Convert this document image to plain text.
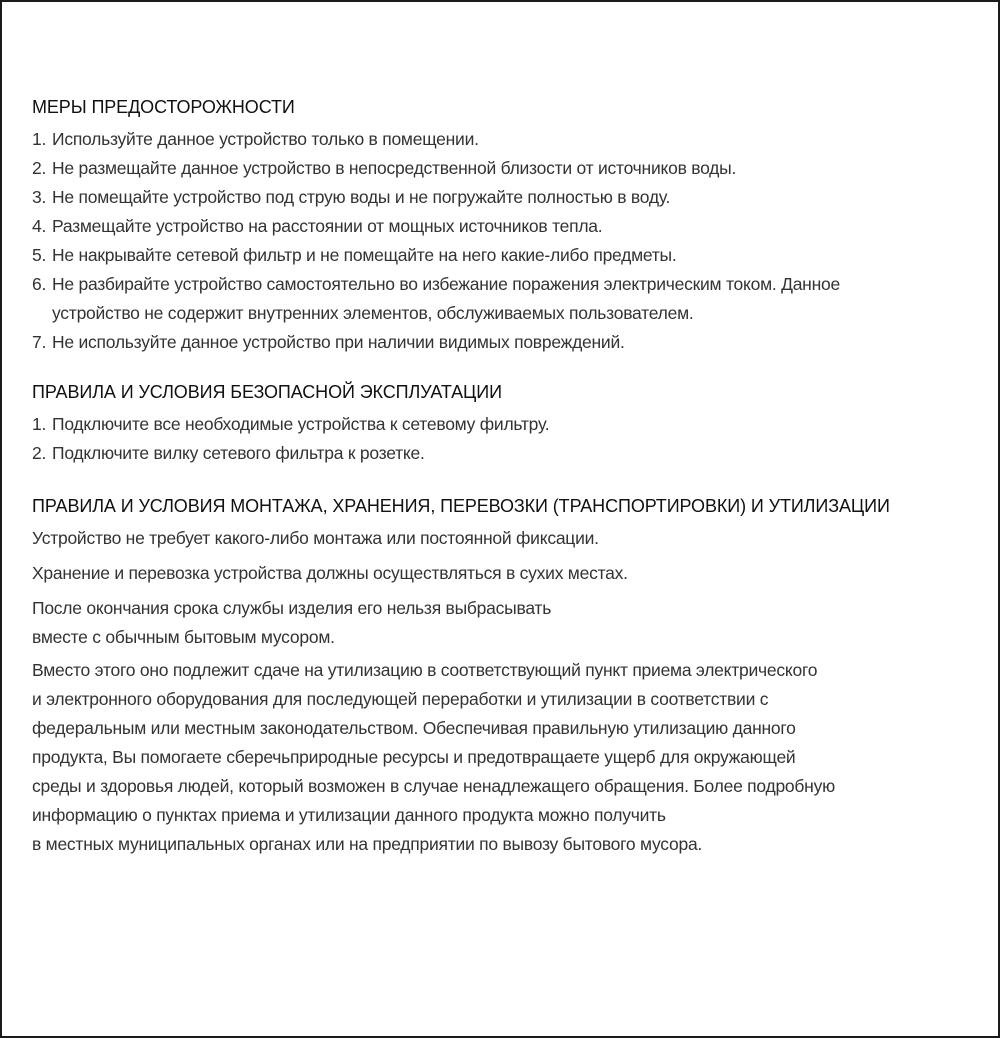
МЕРЫ ПРЕДОСТОРОЖНОСТИ
1. Используйте данное устройство только в помещении.
2. Не размещайте данное устройство в непосредственной близости от источников воды.
3. Не помещайте устройство под струю воды и не погружайте полностью в воду.
4. Размещайте устройство на расстоянии от мощных источников тепла.
5. Не накрывайте сетевой фильтр и не помещайте на него какие-либо предметы.
6. Не разбирайте устройство самостоятельно во избежание поражения электрическим током. Данное устройство не содержит внутренних элементов, обслуживаемых пользователем.
7. Не используйте данное устройство при наличии видимых повреждений.
ПРАВИЛА И УСЛОВИЯ БЕЗОПАСНОЙ ЭКСПЛУАТАЦИИ
1. Подключите все необходимые устройства к сетевому фильтру.
2. Подключите вилку сетевого фильтра к розетке.
ПРАВИЛА И УСЛОВИЯ МОНТАЖА, ХРАНЕНИЯ, ПЕРЕВОЗКИ (ТРАНСПОРТИРОВКИ) И УТИЛИЗАЦИИ
Устройство не требует какого-либо монтажа или постоянной фиксации.
Хранение и перевозка устройства должны осуществляться в сухих местах.
После окончания срока службы изделия его нельзя выбрасывать
вместе с обычным бытовым мусором.
Вместо этого оно подлежит сдаче на утилизацию в соответствующий пункт приема электрического
и электронного оборудования для последующей переработки и утилизации в соответствии с
федеральным или местным законодательством. Обеспечивая правильную утилизацию данного
продукта, Вы помогаете сберечьприродные ресурсы и предотвращаете ущерб для окружающей
среды и здоровья людей, который возможен в случае ненадлежащего обращения. Более подробную
информацию о пунктах приема и утилизации данного продукта можно получить
в местных муниципальных органах или на предприятии по вывозу бытового мусора.
